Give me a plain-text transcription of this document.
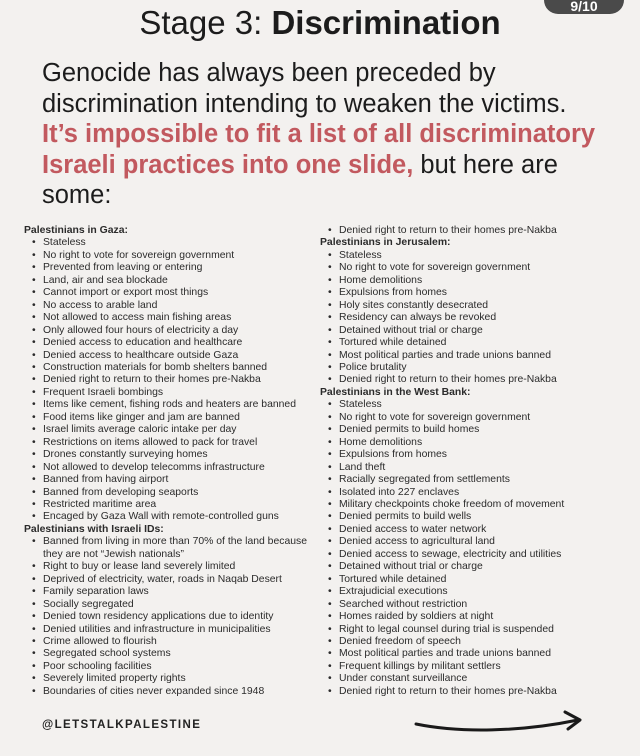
9/10
Stage 3: Discrimination
Genocide has always been preceded by discrimination intending to weaken the victims. It’s impossible to fit a list of all discriminatory Israeli practices into one slide, but here are some:
Palestinians in Gaza:
• Stateless
• No right to vote for sovereign government
• Prevented from leaving or entering
• Land, air and sea blockade
• Cannot import or export most things
• No access to arable land
• Not allowed to access main fishing areas
• Only allowed four hours of electricity a day
• Denied access to education and healthcare
• Denied access to healthcare outside Gaza
• Construction materials for bomb shelters banned
• Denied right to return to their homes pre-Nakba
• Frequent Israeli bombings
• Items like cement, fishing rods and heaters are banned
• Food items like ginger and jam are banned
• Israel limits average caloric intake per day
• Restrictions on items allowed to pack for travel
• Drones constantly surveying homes
• Not allowed to develop telecomms infrastructure
• Banned from having airport
• Banned from developing seaports
• Restricted maritime area
• Encaged by Gaza Wall with remote-controlled guns
Palestinians with Israeli IDs:
• Banned from living in more than 70% of the land because they are not “Jewish nationals”
• Right to buy or lease land severely limited
• Deprived of electricity, water, roads in Naqab Desert
• Family separation laws
• Socially segregated
• Denied town residency applications due to identity
• Denied utilities and infrastructure in municipalities
• Crime allowed to flourish
• Segregated school systems
• Poor schooling facilities
• Severely limited property rights
• Boundaries of cities never expanded since 1948
• Denied right to return to their homes pre-Nakba
Palestinians in Jerusalem:
• Stateless
• No right to vote for sovereign government
• Home demolitions
• Expulsions from homes
• Holy sites constantly desecrated
• Residency can always be revoked
• Detained without trial or charge
• Tortured while detained
• Most political parties and trade unions banned
• Police brutality
• Denied right to return to their homes pre-Nakba
Palestinians in the West Bank:
• Stateless
• No right to vote for sovereign government
• Denied permits to build homes
• Home demolitions
• Expulsions from homes
• Land theft
• Racially segregated from settlements
• Isolated into 227 enclaves
• Military checkpoints choke freedom of movement
• Denied permits to build wells
• Denied access to water network
• Denied access to agricultural land
• Denied access to sewage, electricity and utilities
• Detained without trial or charge
• Tortured while detained
• Extrajudicial executions
• Searched without restriction
• Homes raided by soldiers at night
• Right to legal counsel during trial is suspended
• Denied freedom of speech
• Most political parties and trade unions banned
• Frequent killings by militant settlers
• Under constant surveillance
• Denied right to return to their homes pre-Nakba
@LETSTALKPALESTINE
